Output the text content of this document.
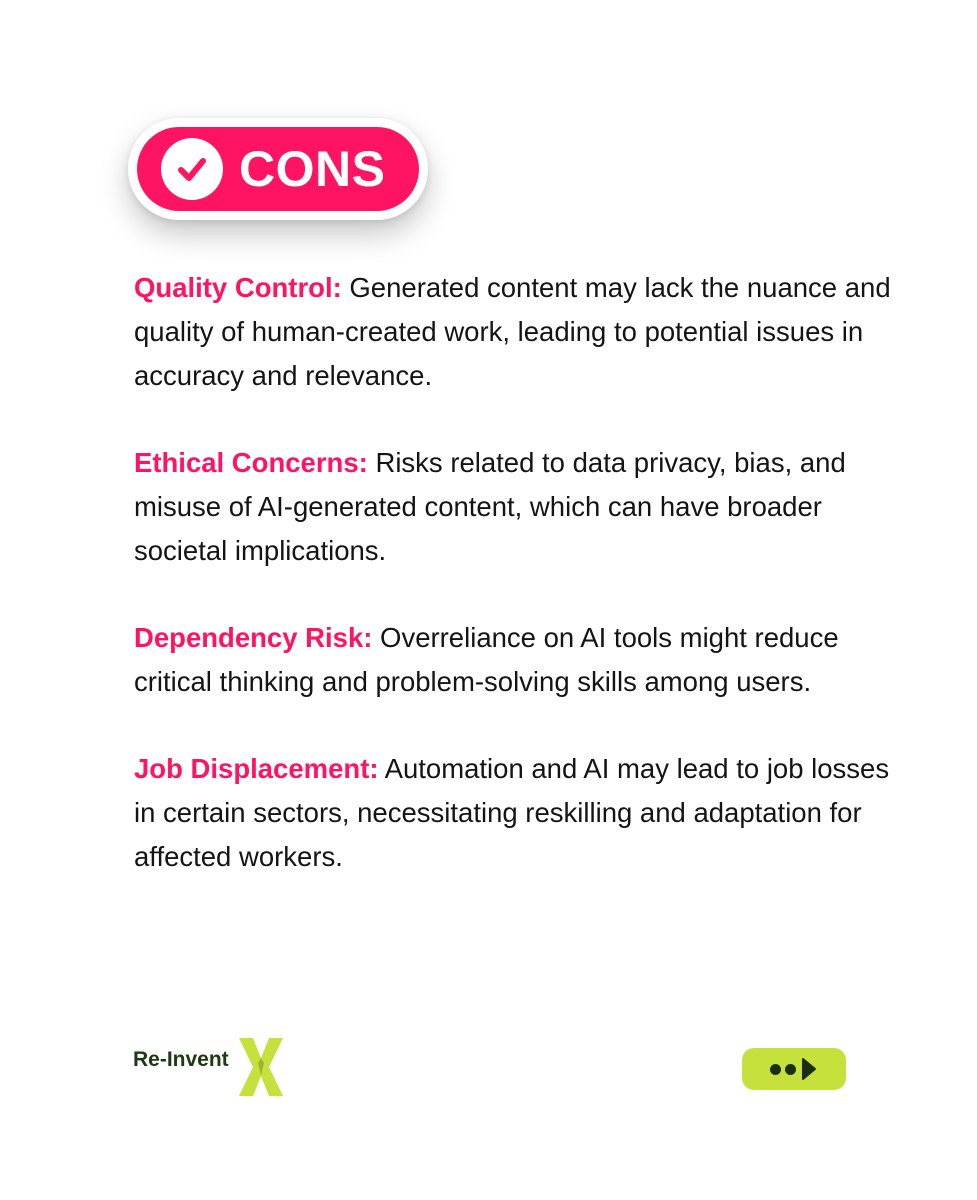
CONS

Quality Control: Generated content may lack the nuance and quality of human-created work, leading to potential issues in accuracy and relevance.

Ethical Concerns: Risks related to data privacy, bias, and misuse of AI-generated content, which can have broader societal implications.

Dependency Risk: Overreliance on AI tools might reduce critical thinking and problem-solving skills among users.

Job Displacement: Automation and AI may lead to job losses in certain sectors, necessitating reskilling and adaptation for affected workers.

Re-Invent
